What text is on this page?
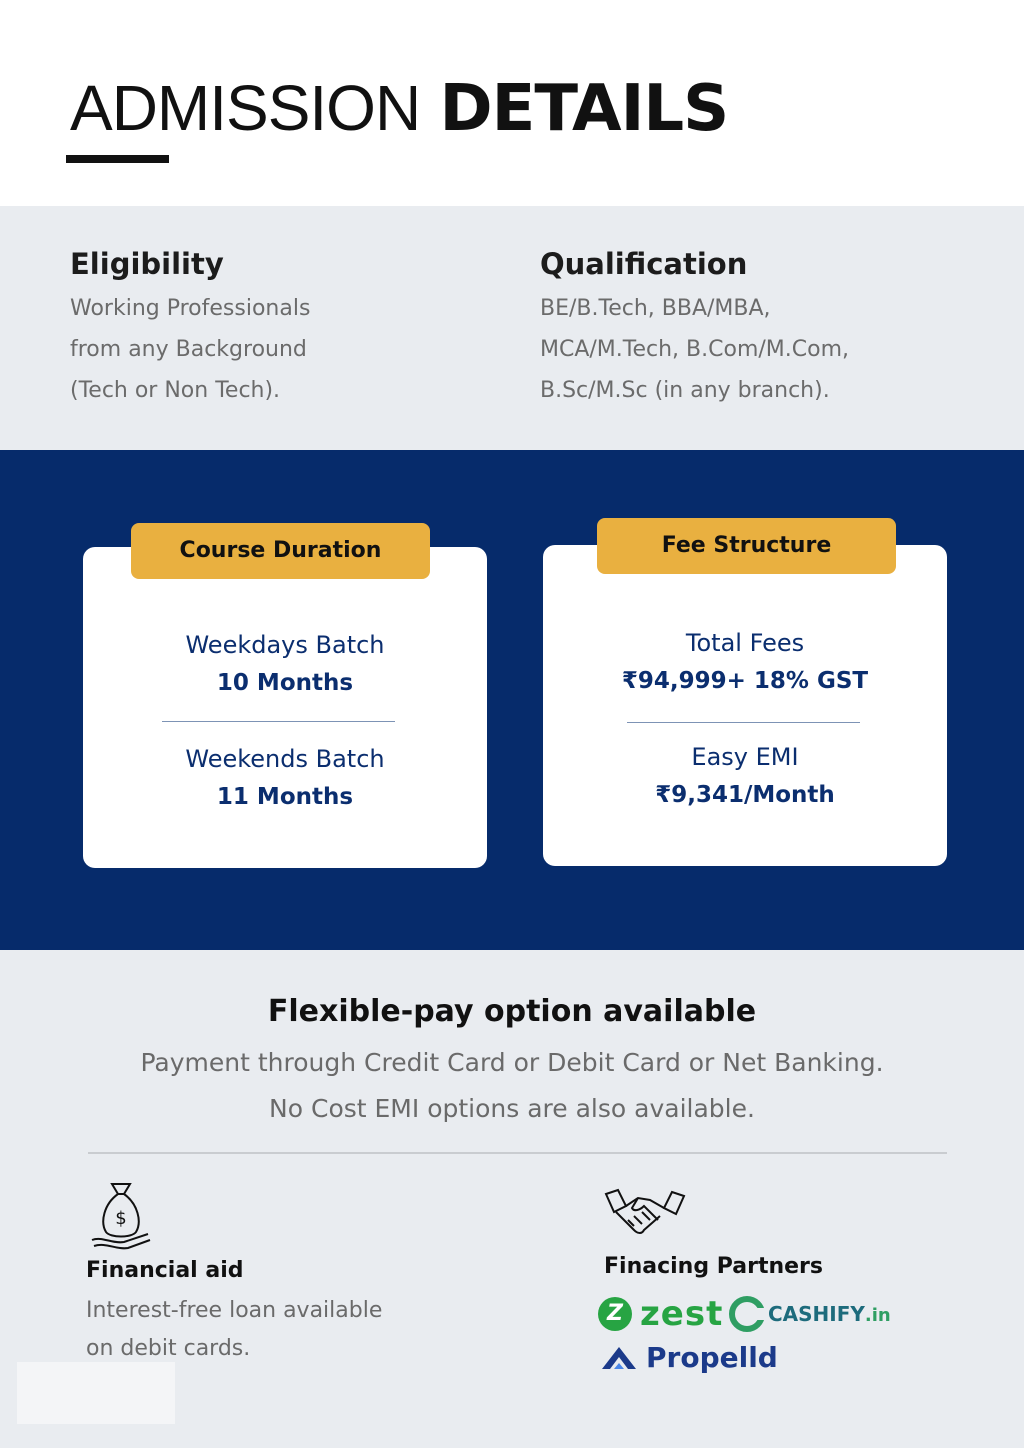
ADMISSION DETAILS
Eligibility

Working Professionals

from any Background

(Tech or Non Tech).

Qualification

BE/B.Tech, BBA/MBA,

MCA/M.Tech, B.Com/M.Com,

B.Sc/M.Sc (in any branch).

Weekdays Batch
10 Months
Weekends Batch
11 Months
Course Duration
Total Fees
₹94,999+ 18% GST
Easy EMI
₹9,341/Month
Fee Structure
Flexible-pay option available
Payment through Credit Card or Debit Card or Net Banking.
No Cost EMI options are also available.
$
Financial aid
Interest-free loan available
on debit cards.
Finacing Partners
Z zest CASHIFY.in
Propelld
